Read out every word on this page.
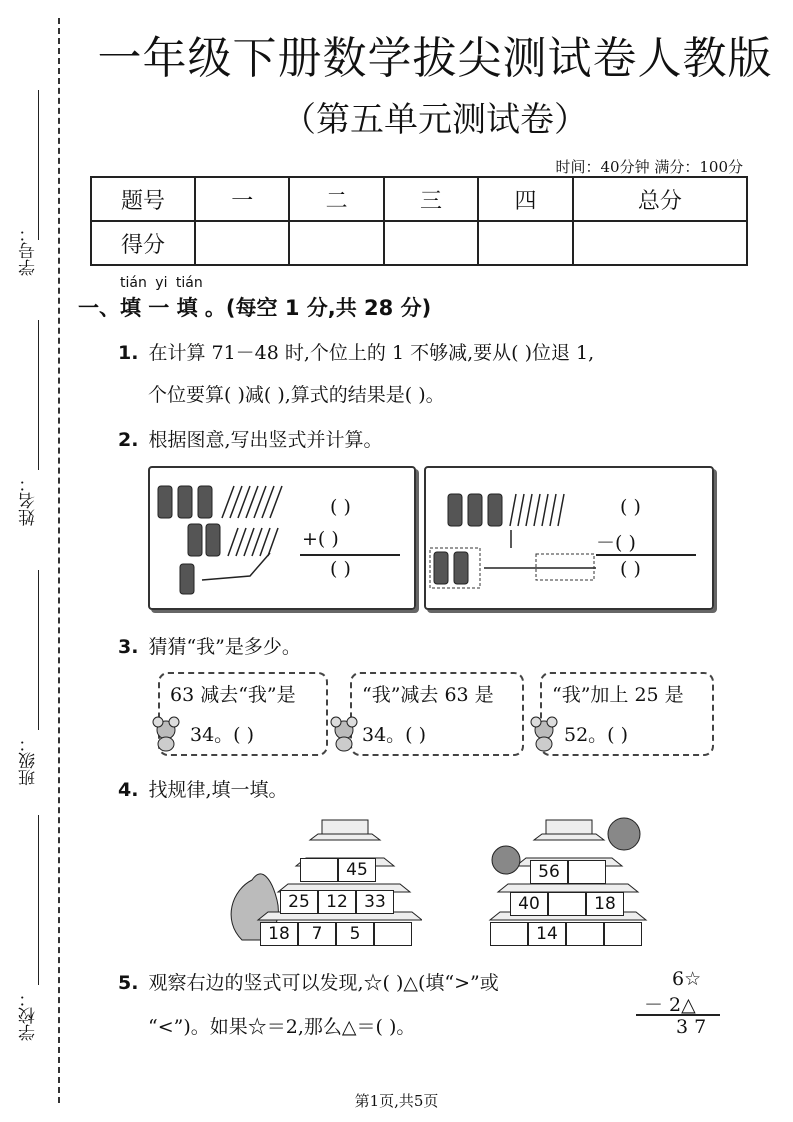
学号：
姓名：
班级：
学校：
一年级下册数学拔尖测试卷人教版
（第五单元测试卷）
时间：40分钟 满分：100分
题号	一	二	三	四	总分
得分					
tián yi tián
一、填 一 填 。(每空 1 分,共 28 分)
1. 在计算 71－48 时,个位上的 1 不够减,要从( )位退 1,
个位要算( )减( ),算式的结果是( )。
2. 根据图意,写出竖式并计算。
( )
+( )
( )
( )
－( )
( )
3. 猜猜“我”是多少。
63 减去“我”是
34。( )
“我”减去 63 是
34。( )
“我”加上 25 是
52。( )
4. 找规律,填一填。
45
25 12 33
18	7	5
56
40	18
14
5. 观察右边的竖式可以发现,☆( )△(填“>”或
“<”)。如果☆＝2,那么△＝( )。
6☆
－ 2△
3 7
第1页,共5页
